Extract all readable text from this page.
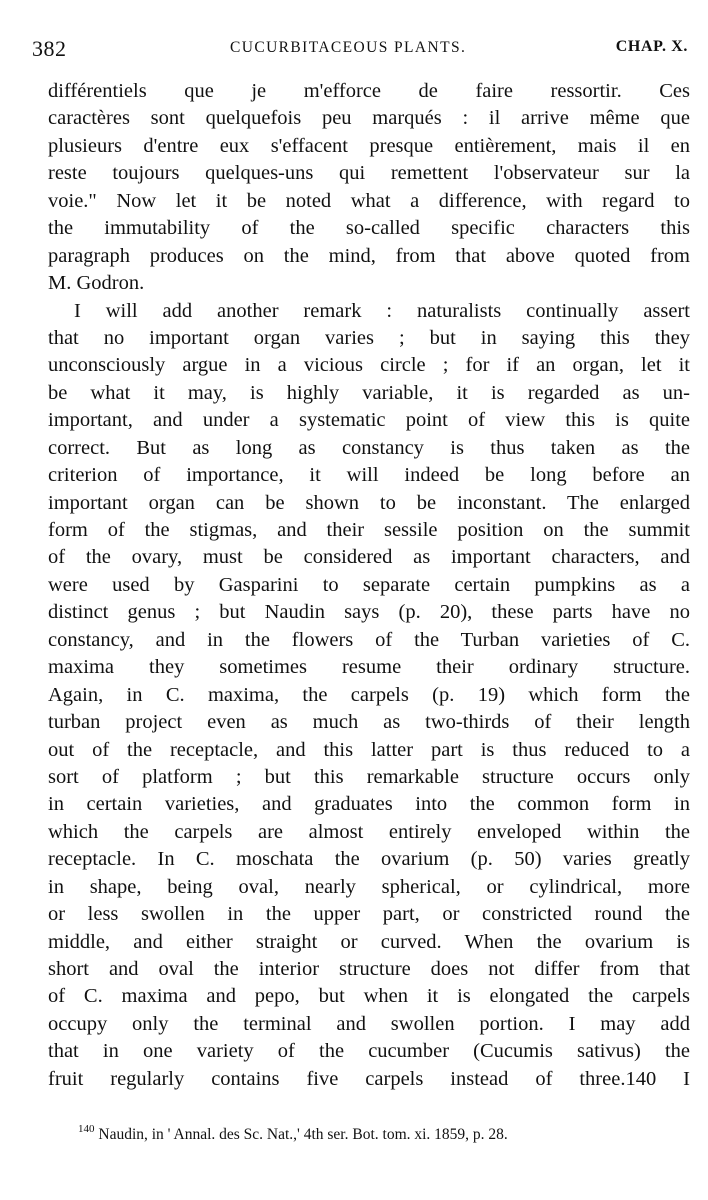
382	CUCURBITACEOUS PLANTS.	CHAP. X.
différentiels que je m'efforce de faire ressortir. Ces
caractères sont quelquefois peu marqués : il arrive même que
plusieurs d'entre eux s'effacent presque entièrement, mais il en
reste toujours quelques-uns qui remettent l'observateur sur la
voie." Now let it be noted what a difference, with regard to
the immutability of the so-called specific characters this
paragraph produces on the mind, from that above quoted from
M. Godron.
I will add another remark : naturalists continually assert
that no important organ varies ; but in saying this they
unconsciously argue in a vicious circle ; for if an organ, let it
be what it may, is highly variable, it is regarded as un-
important, and under a systematic point of view this is quite
correct. But as long as constancy is thus taken as the
criterion of importance, it will indeed be long before an
important organ can be shown to be inconstant. The enlarged
form of the stigmas, and their sessile position on the summit
of the ovary, must be considered as important characters, and
were used by Gasparini to separate certain pumpkins as a
distinct genus ; but Naudin says (p. 20), these parts have no
constancy, and in the flowers of the Turban varieties of C.
maxima they sometimes resume their ordinary structure.
Again, in C. maxima, the carpels (p. 19) which form the
turban project even as much as two-thirds of their length
out of the receptacle, and this latter part is thus reduced to a
sort of platform ; but this remarkable structure occurs only
in certain varieties, and graduates into the common form in
which the carpels are almost entirely enveloped within the
receptacle. In C. moschata the ovarium (p. 50) varies greatly
in shape, being oval, nearly spherical, or cylindrical, more
or less swollen in the upper part, or constricted round the
middle, and either straight or curved. When the ovarium is
short and oval the interior structure does not differ from that
of C. maxima and pepo, but when it is elongated the carpels
occupy only the terminal and swollen portion. I may add
that in one variety of the cucumber (Cucumis sativus) the
fruit regularly contains five carpels instead of three.140 I
$^{140}$ Naudin, in ' Annal. des Sc. Nat.,' 4th ser. Bot. tom. xi. 1859, p. 28.
